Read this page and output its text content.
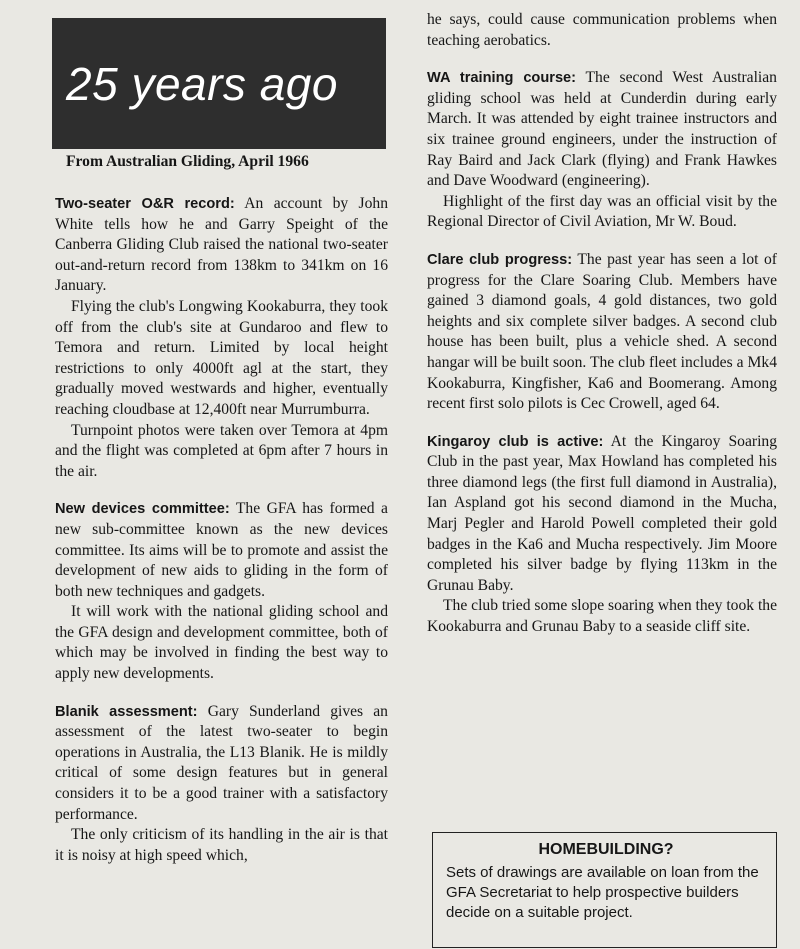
25 years ago
From Australian Gliding, April 1966

Two-seater O&R record: An account by John White tells how he and Garry Speight of the Canberra Gliding Club raised the national two-seater out-and-return record from 138km to 341km on 16 January.

Flying the club's Longwing Kookaburra, they took off from the club's site at Gundaroo and flew to Temora and return. Limited by local height restrictions to only 4000ft agl at the start, they gradually moved westwards and higher, eventually reaching cloudbase at 12,400ft near Murrumburra.

Turnpoint photos were taken over Temora at 4pm and the flight was completed at 6pm after 7 hours in the air.

New devices committee: The GFA has formed a new sub-committee known as the new devices committee. Its aims will be to promote and assist the development of new aids to gliding in the form of both new techniques and gadgets.

It will work with the national gliding school and the GFA design and development committee, both of which may be involved in finding the best way to apply new developments.

Blanik assessment: Gary Sunderland gives an assessment of the latest two-seater to begin operations in Australia, the L13 Blanik. He is mildly critical of some design features but in general considers it to be a good trainer with a satisfactory performance.

The only criticism of its handling in the air is that it is noisy at high speed which,

he says, could cause communication problems when teaching aerobatics.

WA training course: The second West Australian gliding school was held at Cunderdin during early March. It was attended by eight trainee instructors and six trainee ground engineers, under the instruction of Ray Baird and Jack Clark (flying) and Frank Hawkes and Dave Woodward (engineering).

Highlight of the first day was an official visit by the Regional Director of Civil Aviation, Mr W. Boud.

Clare club progress: The past year has seen a lot of progress for the Clare Soaring Club. Members have gained 3 diamond goals, 4 gold distances, two gold heights and six complete silver badges. A second club house has been built, plus a vehicle shed. A second hangar will be built soon. The club fleet includes a Mk4 Kookaburra, Kingfisher, Ka6 and Boomerang. Among recent first solo pilots is Cec Crowell, aged 64.

Kingaroy club is active: At the Kingaroy Soaring Club in the past year, Max Howland has completed his three diamond legs (the first full diamond in Australia), Ian Aspland got his second diamond in the Mucha, Marj Pegler and Harold Powell completed their gold badges in the Ka6 and Mucha respectively. Jim Moore completed his silver badge by flying 113km in the Grunau Baby.

The club tried some slope soaring when they took the Kookaburra and Grunau Baby to a seaside cliff site.

HOMEBUILDING?
Sets of drawings are available on loan from the GFA Secretariat to help prospective builders decide on a suitable project.
